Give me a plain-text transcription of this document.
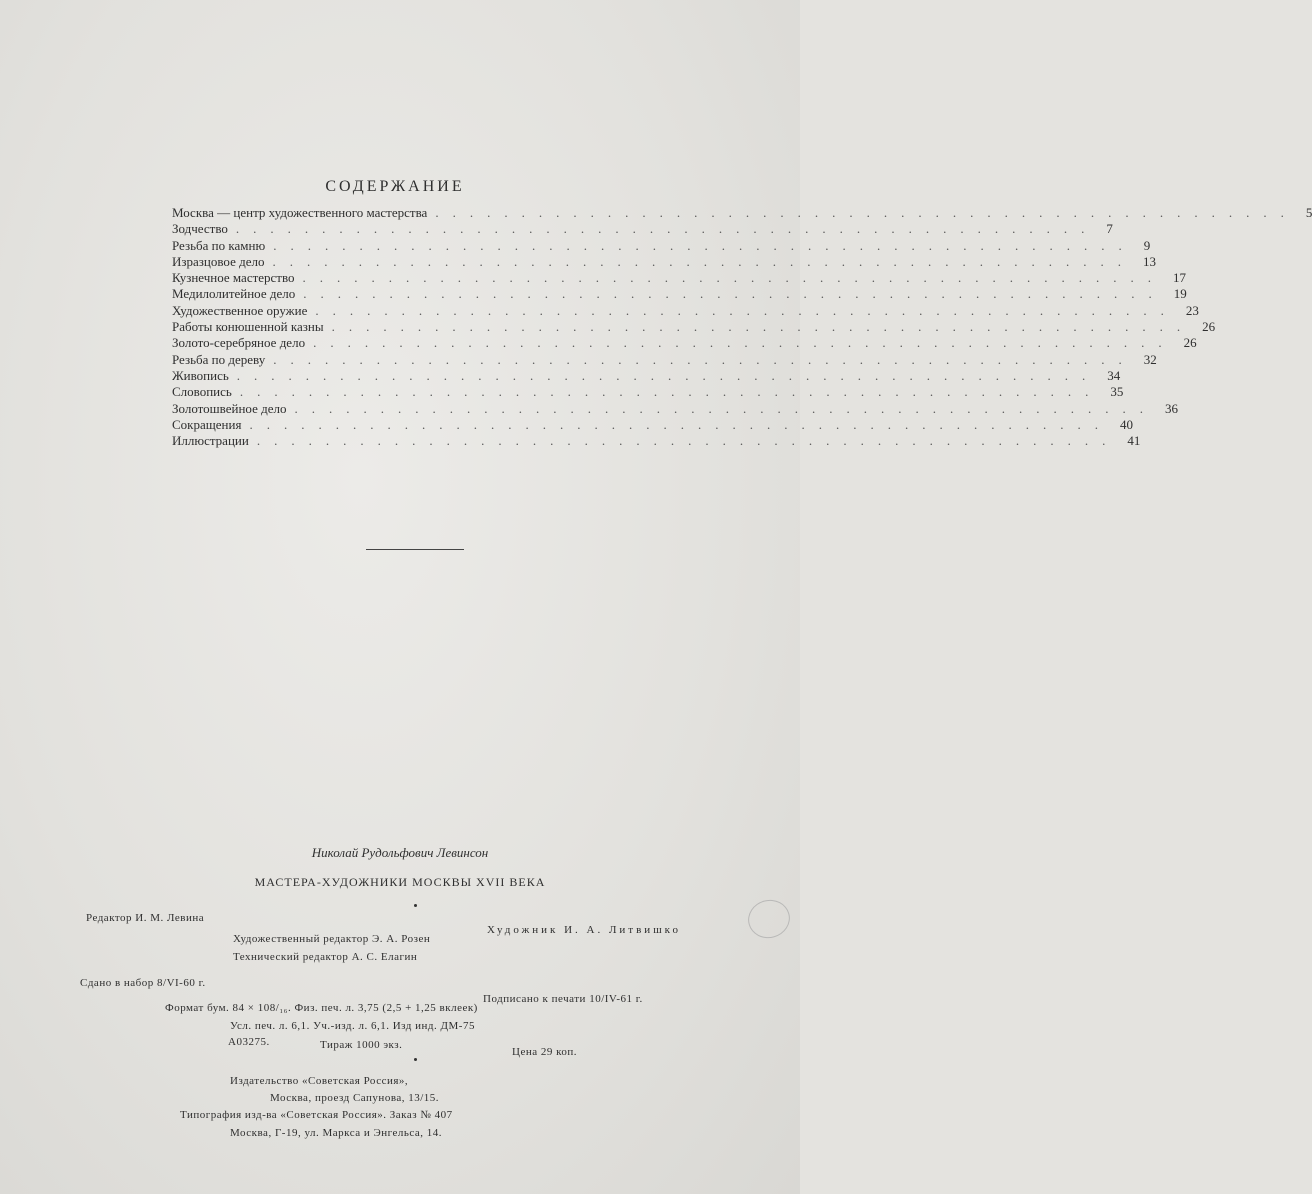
СОДЕРЖАНИЕ
Москва — центр художественного мастерства .................................................. 5
Зодчество .................................................. 7
Резьба по камню .................................................. 9
Изразцовое дело .................................................. 13
Кузнечное мастерство .................................................. 17
Медилолитейное дело .................................................. 19
Художественное оружие .................................................. 23
Работы конюшенной казны .................................................. 26
Золото-серебряное дело .................................................. 26
Резьба по дереву .................................................. 32
Живопись .................................................. 34
Словопись .................................................. 35
Золотошвейное дело .................................................. 36
Сокращения .................................................. 40
Иллюстрации .................................................. 41
Николай Рудольфович Левинсон
МАСТЕРА-ХУДОЖНИКИ МОСКВЫ XVII ВЕКА
Редактор И. М. Левина
Художник И. А. Литвишко
Художественный редактор Э. А. Розен
Технический редактор А. С. Елагин
Сдано в набор 8/VI-60 г.
Подписано к печати 10/IV-61 г.
Формат бум. 84 × 108/₁₆. Физ. печ. л. 3,75 (2,5 + 1,25 вклеек)
Усл. печ. л. 6,1. Уч.-изд. л. 6,1. Изд инд. ДМ-75
А03275.	Тираж 1000 экз.
Цена 29 коп.
Издательство «Советская Россия»,
Москва, проезд Сапунова, 13/15.
Типография изд-ва «Советская Россия». Заказ № 407
Москва, Г-19, ул. Маркса и Энгельса, 14.
